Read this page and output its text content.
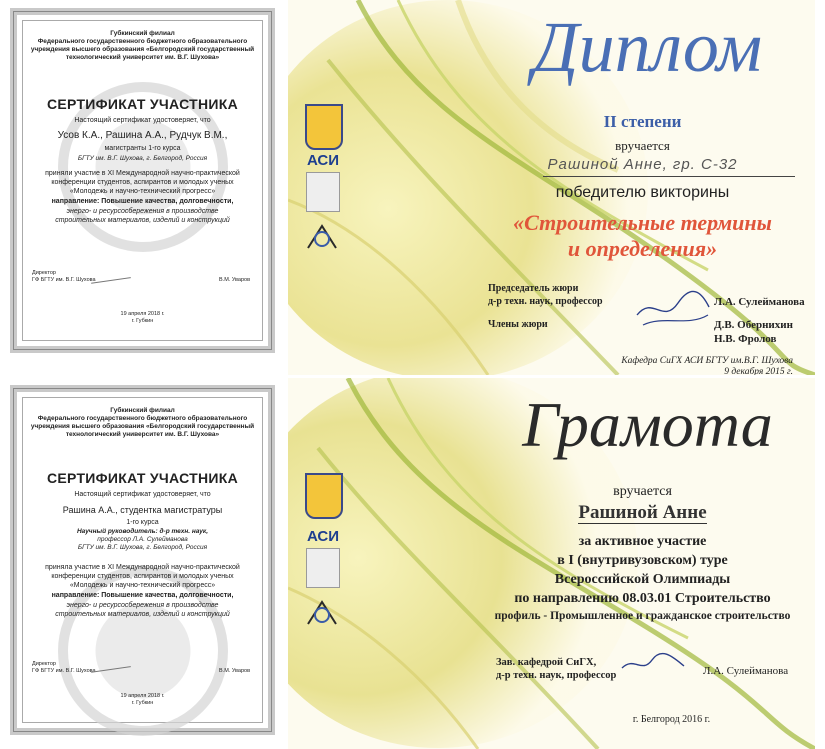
Губкинский филиал
Федерального государственного бюджетного образовательного
учреждения высшего образования «Белгородский государственный
технологический университет им. В.Г. Шухова»
СЕРТИФИКАТ УЧАСТНИКА
Настоящий сертификат удостоверяет, что
Усов К.А., Рашина А.А., Рудчук В.М.,
магистранты 1-го курса
БГТУ им. В.Г. Шухова, г. Белгород, Россия
приняли участие в XI Международной научно-практической
конференции студентов, аспирантов и молодых ученых
«Молодежь и научно-технический прогресс»
направление: Повышение качества, долговечности,
энерго- и ресурсосбережения в производстве
строительных материалов, изделий и конструкций
Директор
ГФ БГТУ им. В.Г. Шухова	В.М. Уваров
19 апреля 2018 г.
г. Губкин
Губкинский филиал
Федерального государственного бюджетного образовательного
учреждения высшего образования «Белгородский государственный
технологический университет им. В.Г. Шухова»
СЕРТИФИКАТ УЧАСТНИКА
Настоящий сертификат удостоверяет, что
Рашина А.А., студентка магистратуры
1-го курса
Научный руководитель: д-р техн. наук,
профессор Л.А. Сулейманова
БГТУ им. В.Г. Шухова, г. Белгород, Россия
приняла участие в XI Международной научно-практической
конференции студентов, аспирантов и молодых ученых
«Молодежь и научно-технический прогресс»
направление: Повышение качества, долговечности,
энерго- и ресурсосбережения в производстве
строительных материалов, изделий и конструкций
Директор
ГФ БГТУ им. В.Г. Шухова	В.М. Уваров
19 апреля 2018 г.
г. Губкин
АСИ
Диплом
II степени
вручается
Рашиной Анне, гр. С-32
победителю викторины
«Строительные термины
и определения»
Председатель жюри
д-р техн. наук, профессор	Л.А. Сулейманова
Члены жюри	Д.В. Обернихин
Н.В. Фролов
Кафедра СиГХ АСИ БГТУ им.В.Г. Шухова
9 декабря 2015 г.
АСИ
Грамота
вручается
Рашиной Анне
за активное участие
в I (внутривузовском) туре
Всероссийской Олимпиады
по направлению 08.03.01 Строительство
профиль - Промышленное и гражданское строительство
Зав. кафедрой СиГХ,
д-р техн. наук, профессор	Л.А. Сулейманова
г. Белгород 2016 г.
